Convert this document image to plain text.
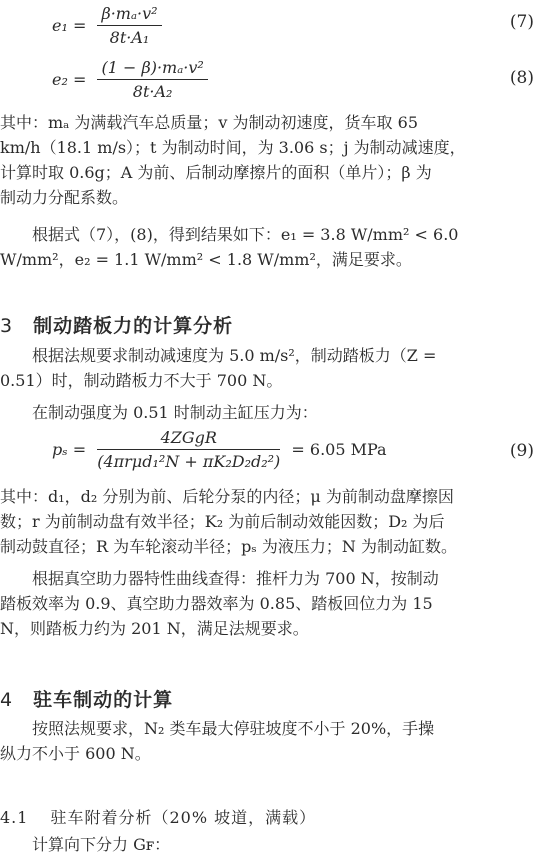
$e_1 = \frac{\text{β·mₐ·v²}}{\text{8t·A₁}}$	(7)
$e_2 = \frac{\text{(1 − β)·mₐ·v²}}{\text{8t·A₂}}$	(8)
其中：mₐ 为满载汽车总质量；v 为制动初速度，货车取 65
km/h（18.1 m/s）；t 为制动时间，为 3.06 s；j 为制动减速度，
计算时取 0.6g；A 为前、后制动摩擦片的面积（单片）；β 为
制动力分配系数。
根据式（7），(8)，得到结果如下：e₁ = 3.8 W/mm² < 6.0
W/mm²，e₂ = 1.1 W/mm² < 1.8 W/mm²，满足要求。
3 制动踏板力的计算分析
根据法规要求制动减速度为 5.0 m/s²，制动踏板力（Z =
0.51）时，制动踏板力不大于 700 N。
在制动强度为 0.51 时制动主缸压力为：
$p_s = \frac{\text{4ZGgR}}{\text{(4πrμd₁²N + πK₂D₂d₂²)}} = 6.05$ MPa	(9)
其中：d₁，d₂ 分别为前、后轮分泵的内径；μ 为前制动盘摩擦因
数；r 为前制动盘有效半径；K₂ 为前后制动效能因数；D₂ 为后
制动鼓直径；R 为车轮滚动半径；pₛ 为液压力；N 为制动缸数。
根据真空助力器特性曲线查得：推杆力为 700 N，按制动
踏板效率为 0.9、真空助力器效率为 0.85、踏板回位力为 15
N，则踏板力约为 201 N，满足法规要求。
4 驻车制动的计算
按照法规要求，N₂ 类车最大停驻坡度不小于 20%，手操
纵力不小于 600 N。
4.1 驻车附着分析（20% 坡道，满载）
计算向下分力 Gꜰ：
